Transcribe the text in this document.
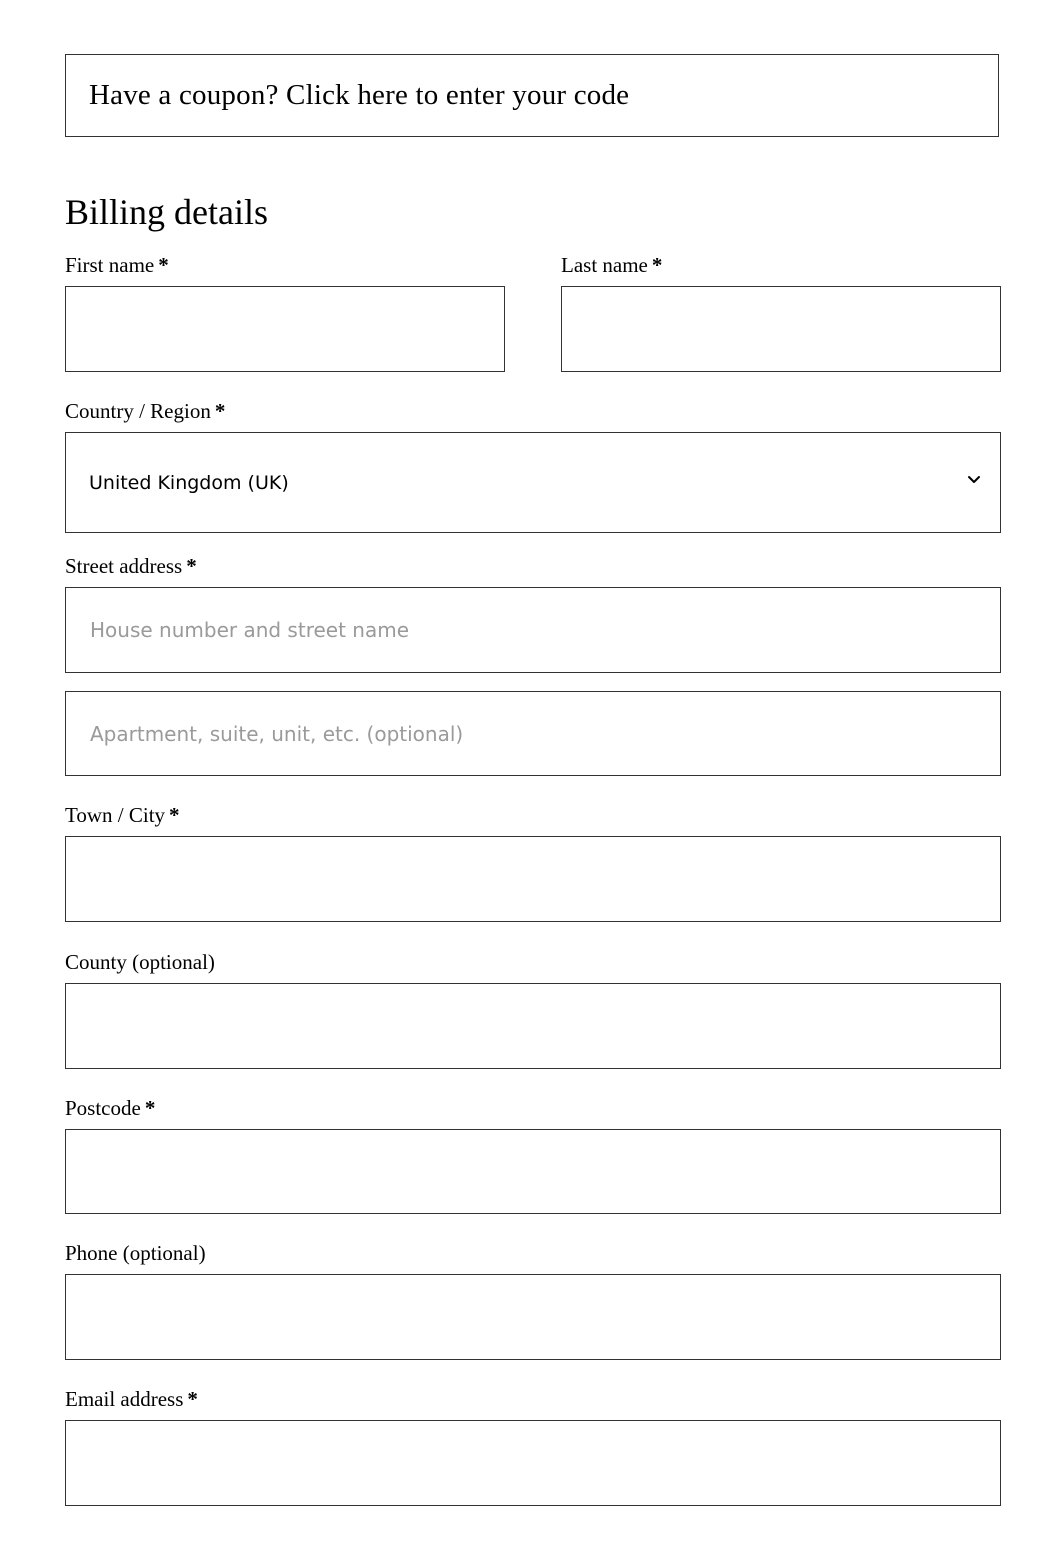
Have a coupon? Click here to enter your code
Billing details
First name *	Last name *
Country / Region *
United Kingdom (UK)
Street address *
House number and street name
Apartment, suite, unit, etc. (optional)
Town / City *
County (optional)
Postcode *
Phone (optional)
Email address *
